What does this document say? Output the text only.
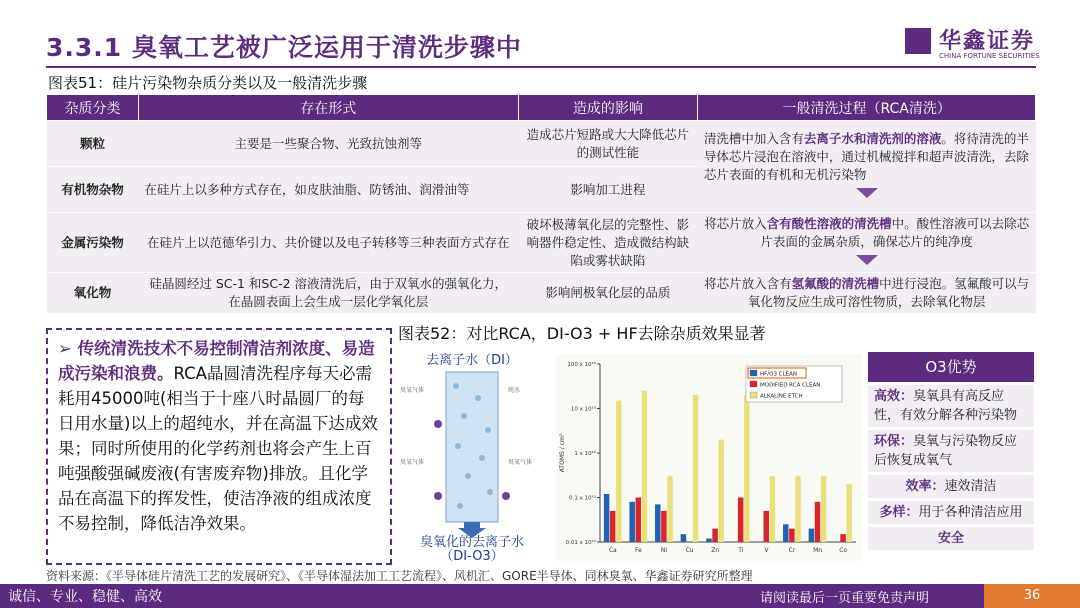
3.3.1 臭氧工艺被广泛运用于清洗步骤中	华鑫证券
CHINA FORTUNE SECURITIES
图表51：硅片污染物杂质分类以及一般清洗步骤
杂质分类	存在形式	造成的影响	一般清洗过程（RCA清洗）
颗粒	主要是一些聚合物、光致抗蚀剂等	造成芯片短路或大大降低芯片的测试性能	清洗槽中加入含有去离子水和清洗剂的溶液。将待清洗的半导体芯片浸泡在溶液中，通过机械搅拌和超声波清洗，去除芯片表面的有机和无机污染物

有机物杂物	在硅片上以多种方式存在，如皮肤油脂、防锈油、润滑油等	影响加工进程	
金属污染物	在硅片上以范德华引力、共价键以及电子转移等三种表面方式存在	破坏极薄氧化层的完整性、影响器件稳定性、造成微结构缺陷或雾状缺陷	将芯片放入含有酸性溶液的清洗槽中。酸性溶液可以去除芯片表面的金属杂质，确保芯片的纯净度

氧化物	硅晶圆经过 SC-1 和SC-2 溶液清洗后，由于双氧水的强氧化力，在晶圆表面上会生成一层化学氧化层	影响闸极氧化层的品质	将芯片放入含有氢氟酸的清洗槽中进行浸泡。氢氟酸可以与氧化物反应生成可溶性物质，去除氧化物层
➢ 传统清洗技术不易控制清洁剂浓度、易造成污染和浪费。RCA晶圆清洗程序每天必需耗用45000吨(相当于十座八时晶圆厂的每日用水量)以上的超纯水，并在高温下达成效果；同时所使用的化学药剂也将会产生上百吨强酸强碱废液(有害废弃物)排放。且化学品在高温下的挥发性，使洁净液的组成浓度不易控制，降低洁净效果。
图表52：对比RCA，DI-O3 + HF去除杂质效果显著
去离子水（DI）
臭氧气体
臭氧气体
纯水
臭氧气体
臭氧化的去离子水
（DI-O3）
100 x 10¹⁰
10 x 10¹⁰
1 x 10¹⁰
0.1 x 10¹⁰
0.01 x 10¹⁰
ATOMS / cm²
Ca	Fe	Ni	Cu	Zn	Ti	V	Cr	Mn	Co
HF/O3 CLEAN
MODIFIED RCA CLEAN
ALKALINE ETCH
O3优势
高效：臭氧具有高反应性，有效分解各种污染物
环保：臭氧与污染物反应后恢复成氧气
效率：速效清洁
多样：用于各种清洁应用
安全
资料来源：《半导体硅片清洗工艺的发展研究》、《半导体湿法加工工艺流程》、风机汇、GORE半导体、同林臭氧、华鑫证券研究所整理
诚信、专业、稳健、高效	请阅读最后一页重要免责声明	36
